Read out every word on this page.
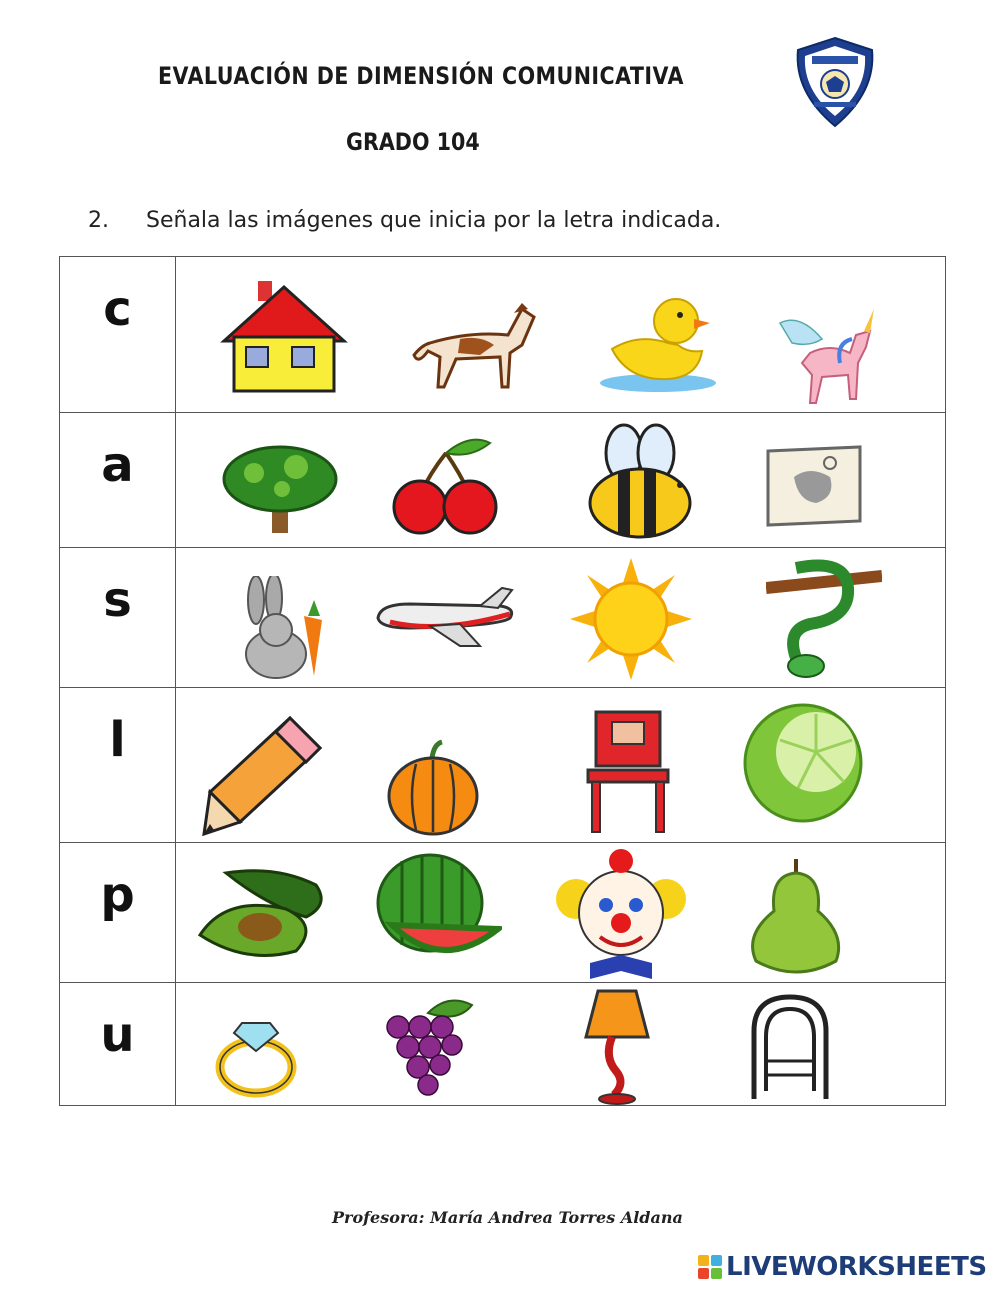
EVALUACIÓN DE DIMENSIÓN COMUNICATIVA
GRADO 104
2. Señala las imágenes que inicia por la letra indicada.
c
a
s
l
p
u
Profesora: María Andrea Torres Aldana
LIVEWORKSHEETS
